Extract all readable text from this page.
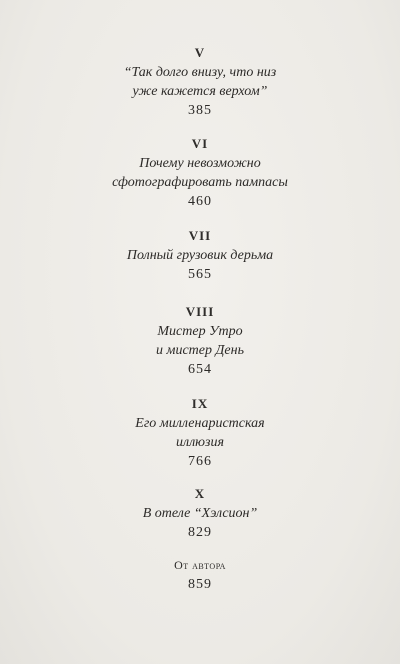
V
“Так долго внизу, что низ
уже кажется верхом”
385
VI
Почему невозможно
сфотографировать пампасы
460
VII
Полный грузовик дерьма
565
VIII
Мистер Утро
и мистер День
654
IX
Его милленаристская
иллюзия
766
X
В отеле “Хэлсион”
829
От автора
859
